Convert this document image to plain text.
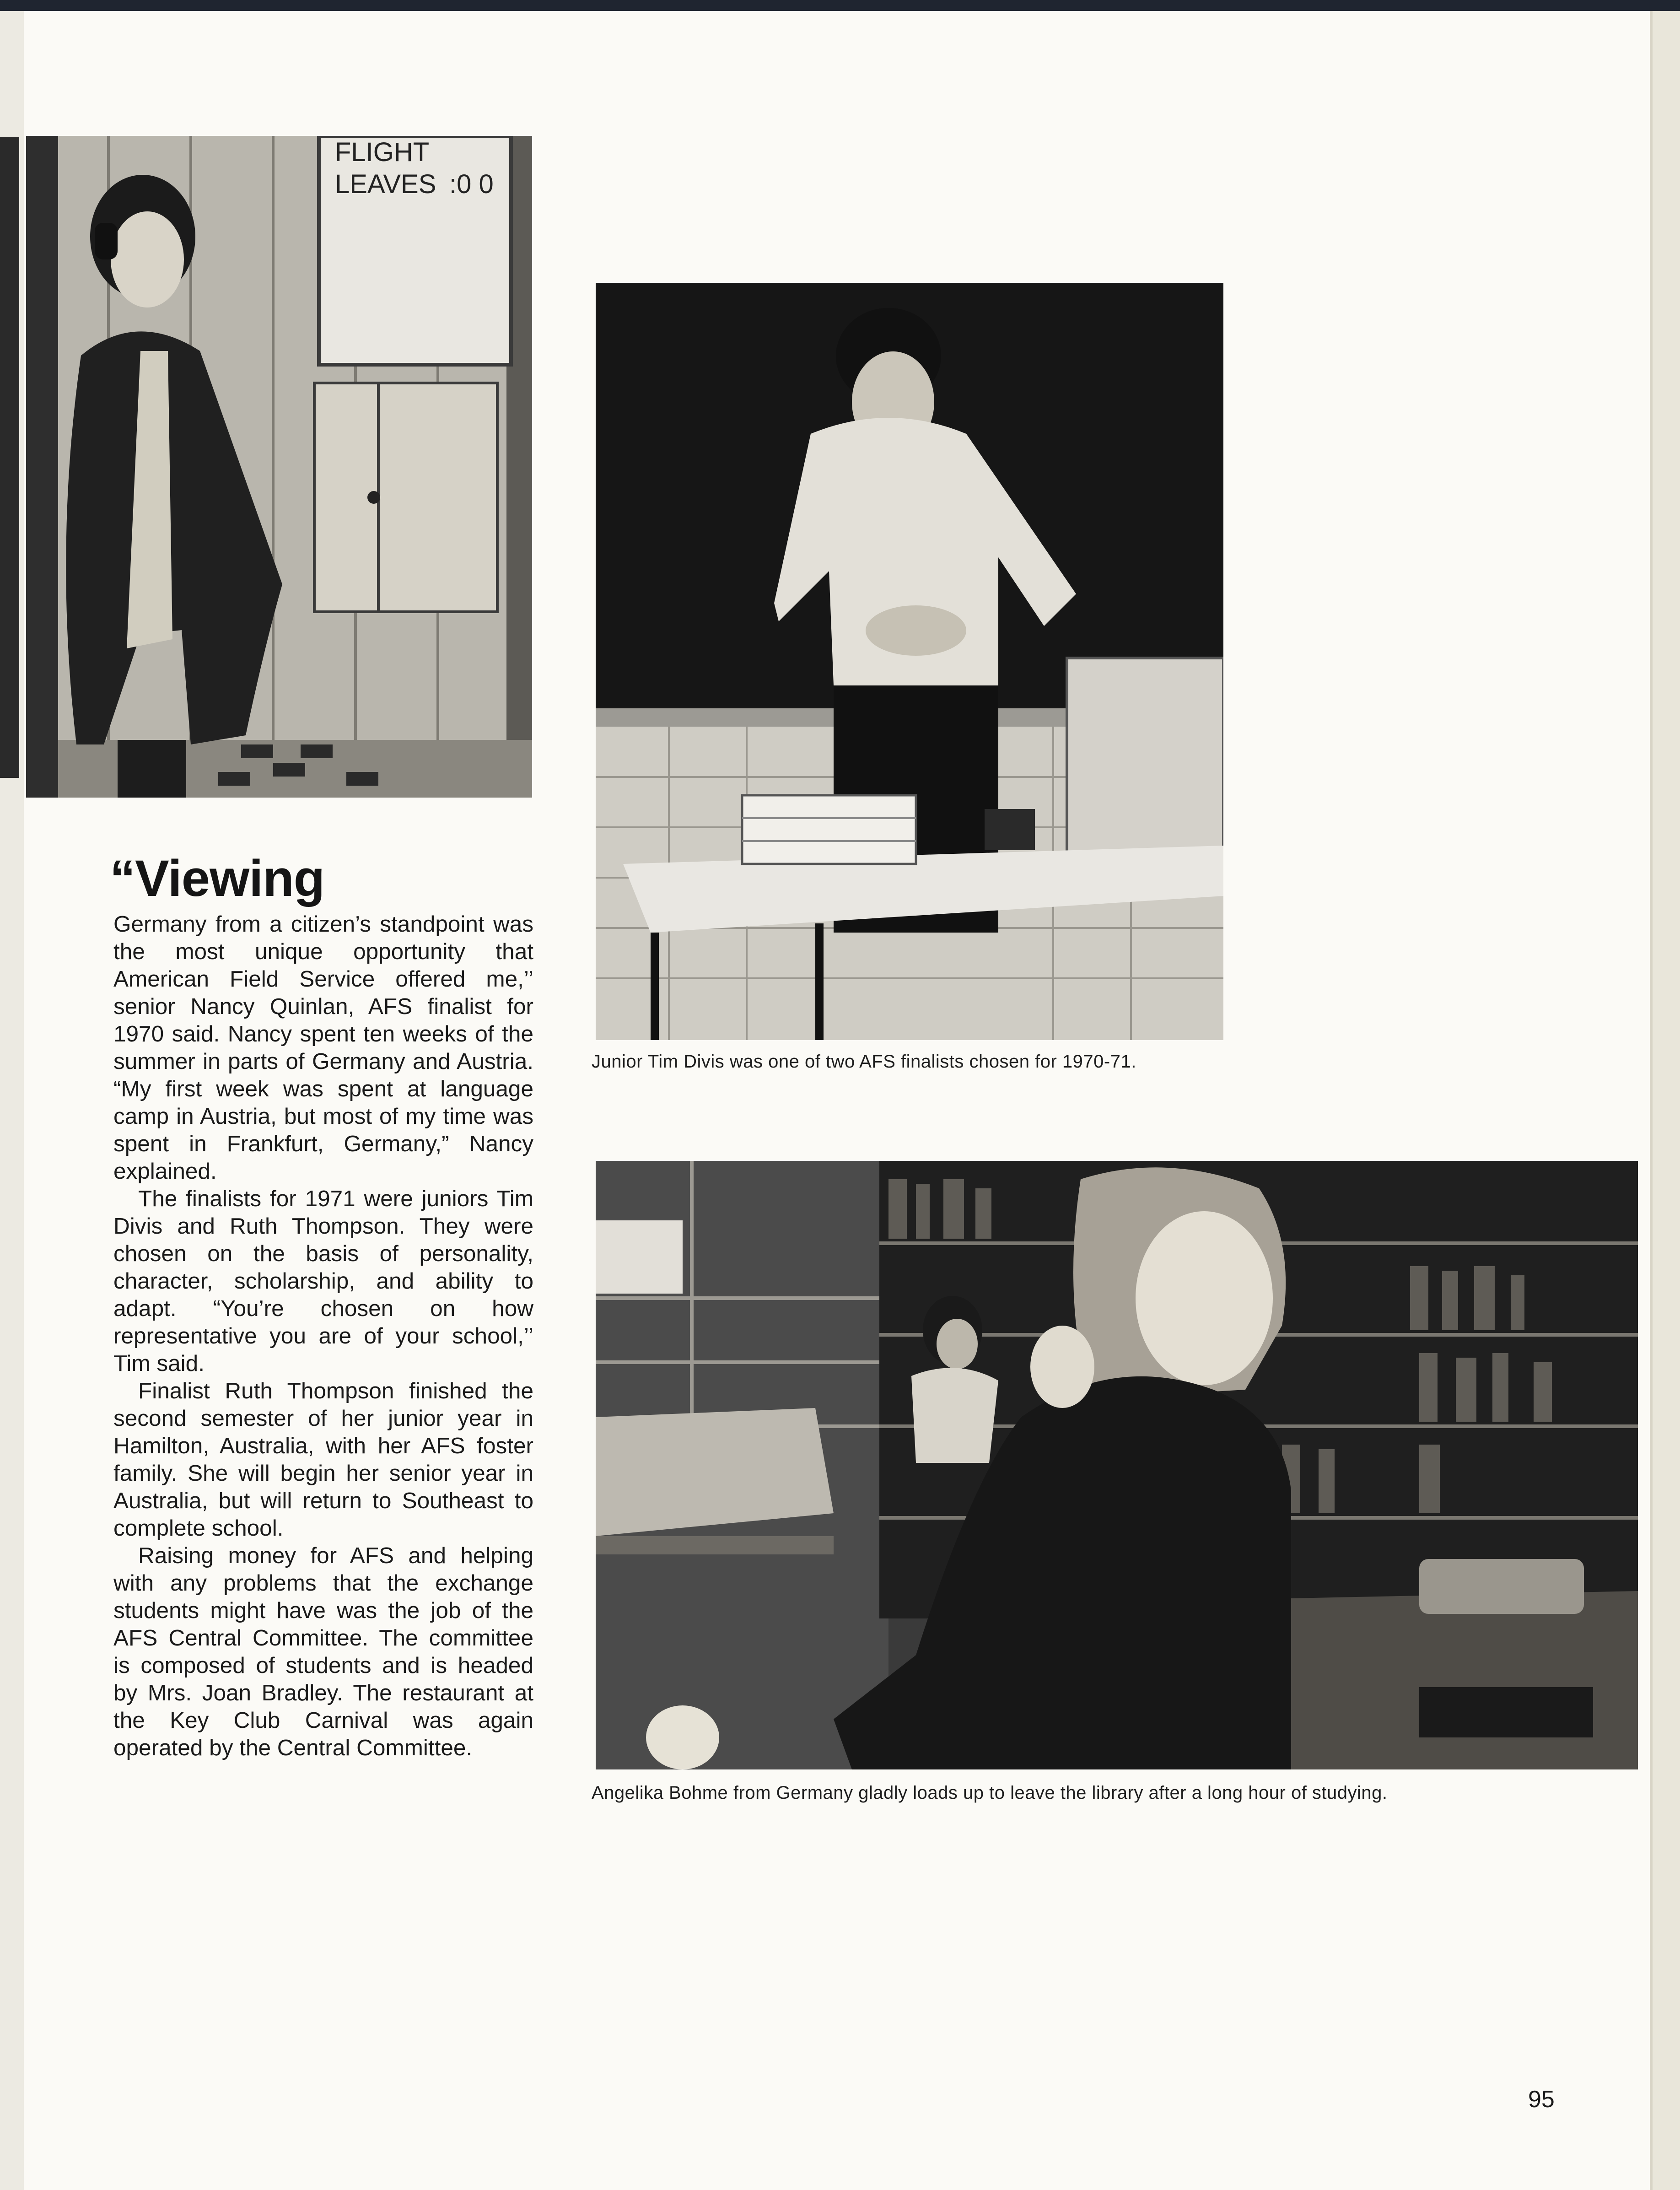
FLIGHT
LEAVES :0 0
Junior Tim Divis was one of two AFS finalists chosen for 1970-71.
Angelika Bohme from Germany gladly loads up to leave the library after a long hour of studying.
“Viewing

Germany from a citizen’s standpoint was the most unique opportunity that American Field Service offered me,’’ senior Nancy Quinlan, AFS finalist for 1970 said. Nancy spent ten weeks of the summer in parts of Germany and Austria. “My first week was spent at language camp in Austria, but most of my time was spent in Frankfurt, Germany,” Nancy explained.

The finalists for 1971 were juniors Tim Divis and Ruth Thompson. They were chosen on the basis of personality, character, scholarship, and ability to adapt. “You’re chosen on how representative you are of your school,’’ Tim said.

Finalist Ruth Thompson finished the second semester of her junior year in Hamilton, Australia, with her AFS foster family. She will begin her senior year in Australia, but will return to Southeast to complete school.

Raising money for AFS and helping with any problems that the exchange students might have was the job of the AFS Central Committee. The committee is composed of students and is headed by Mrs. Joan Bradley. The restaurant at the Key Club Carnival was again operated by the Central Committee.

95
